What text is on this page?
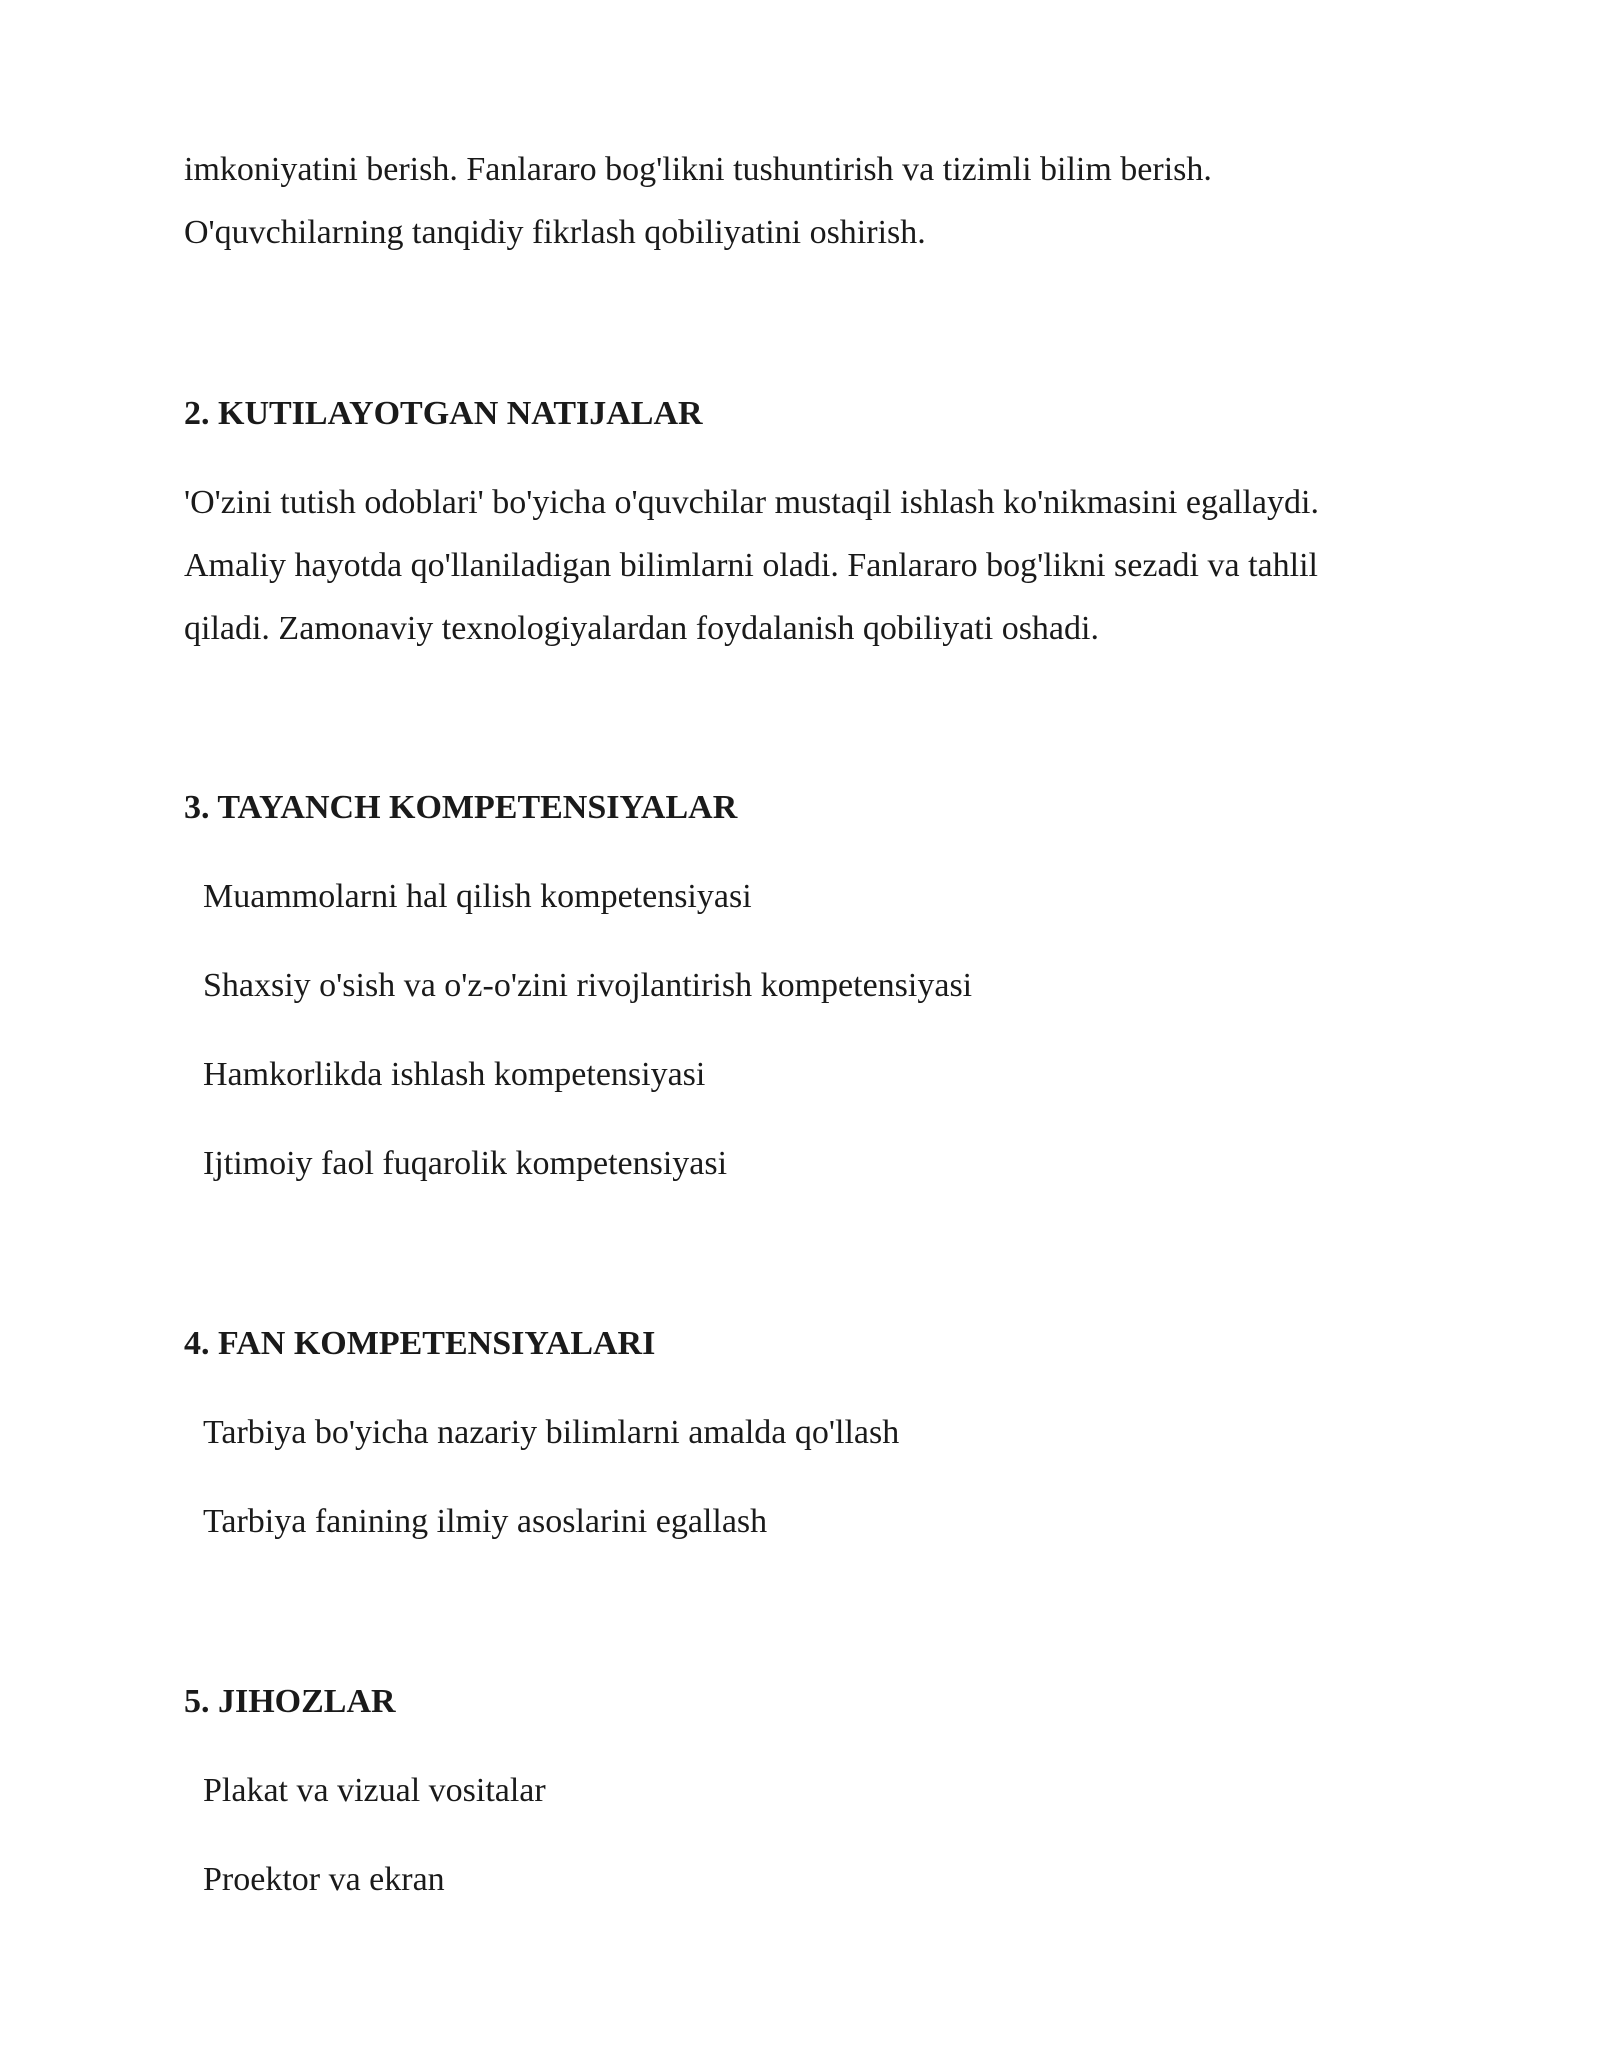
imkoniyatini berish. Fanlararo bog'likni tushuntirish va tizimli bilim berish.
O'quvchilarning tanqidiy fikrlash qobiliyatini oshirish.
2. KUTILAYOTGAN NATIJALAR
'O'zini tutish odoblari' bo'yicha o'quvchilar mustaqil ishlash ko'nikmasini egallaydi.
Amaliy hayotda qo'llaniladigan bilimlarni oladi. Fanlararo bog'likni sezadi va tahlil
qiladi. Zamonaviy texnologiyalardan foydalanish qobiliyati oshadi.
3. TAYANCH KOMPETENSIYALAR
Muammolarni hal qilish kompetensiyasi
Shaxsiy o'sish va o'z-o'zini rivojlantirish kompetensiyasi
Hamkorlikda ishlash kompetensiyasi
Ijtimoiy faol fuqarolik kompetensiyasi
4. FAN KOMPETENSIYALARI
Tarbiya bo'yicha nazariy bilimlarni amalda qo'llash
Tarbiya fanining ilmiy asoslarini egallash
5. JIHOZLAR
Plakat va vizual vositalar
Proektor va ekran
